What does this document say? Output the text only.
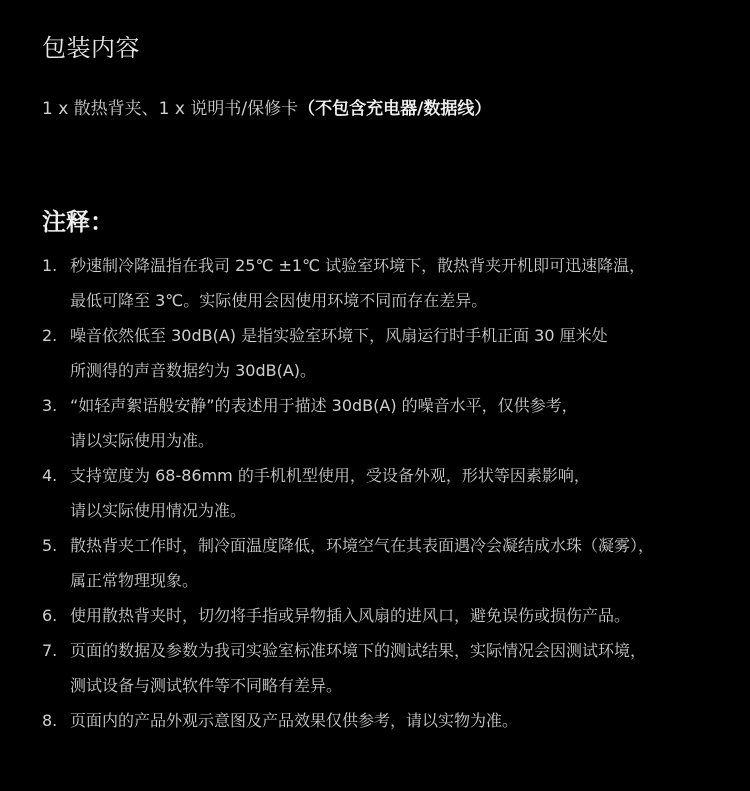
包装内容
1 x 散热背夹、1 x 说明书/保修卡（不包含充电器/数据线）
注释：
1. 秒速制冷降温指在我司 25℃ ±1℃ 试验室环境下，散热背夹开机即可迅速降温，
最低可降至 3℃。实际使用会因使用环境不同而存在差异。
2. 噪音依然低至 30dB(A) 是指实验室环境下，风扇运行时手机正面 30 厘米处
所测得的声音数据约为 30dB(A)。
3. “如轻声絮语般安静”的表述用于描述 30dB(A) 的噪音水平，仅供参考，
请以实际使用为准。
4. 支持宽度为 68-86mm 的手机机型使用，受设备外观，形状等因素影响，
请以实际使用情况为准。
5. 散热背夹工作时，制冷面温度降低，环境空气在其表面遇冷会凝结成水珠（凝雾），
属正常物理现象。
6. 使用散热背夹时，切勿将手指或异物插入风扇的进风口，避免误伤或损伤产品。
7. 页面的数据及参数为我司实验室标准环境下的测试结果，实际情况会因测试环境，
测试设备与测试软件等不同略有差异。
8. 页面内的产品外观示意图及产品效果仅供参考，请以实物为准。
